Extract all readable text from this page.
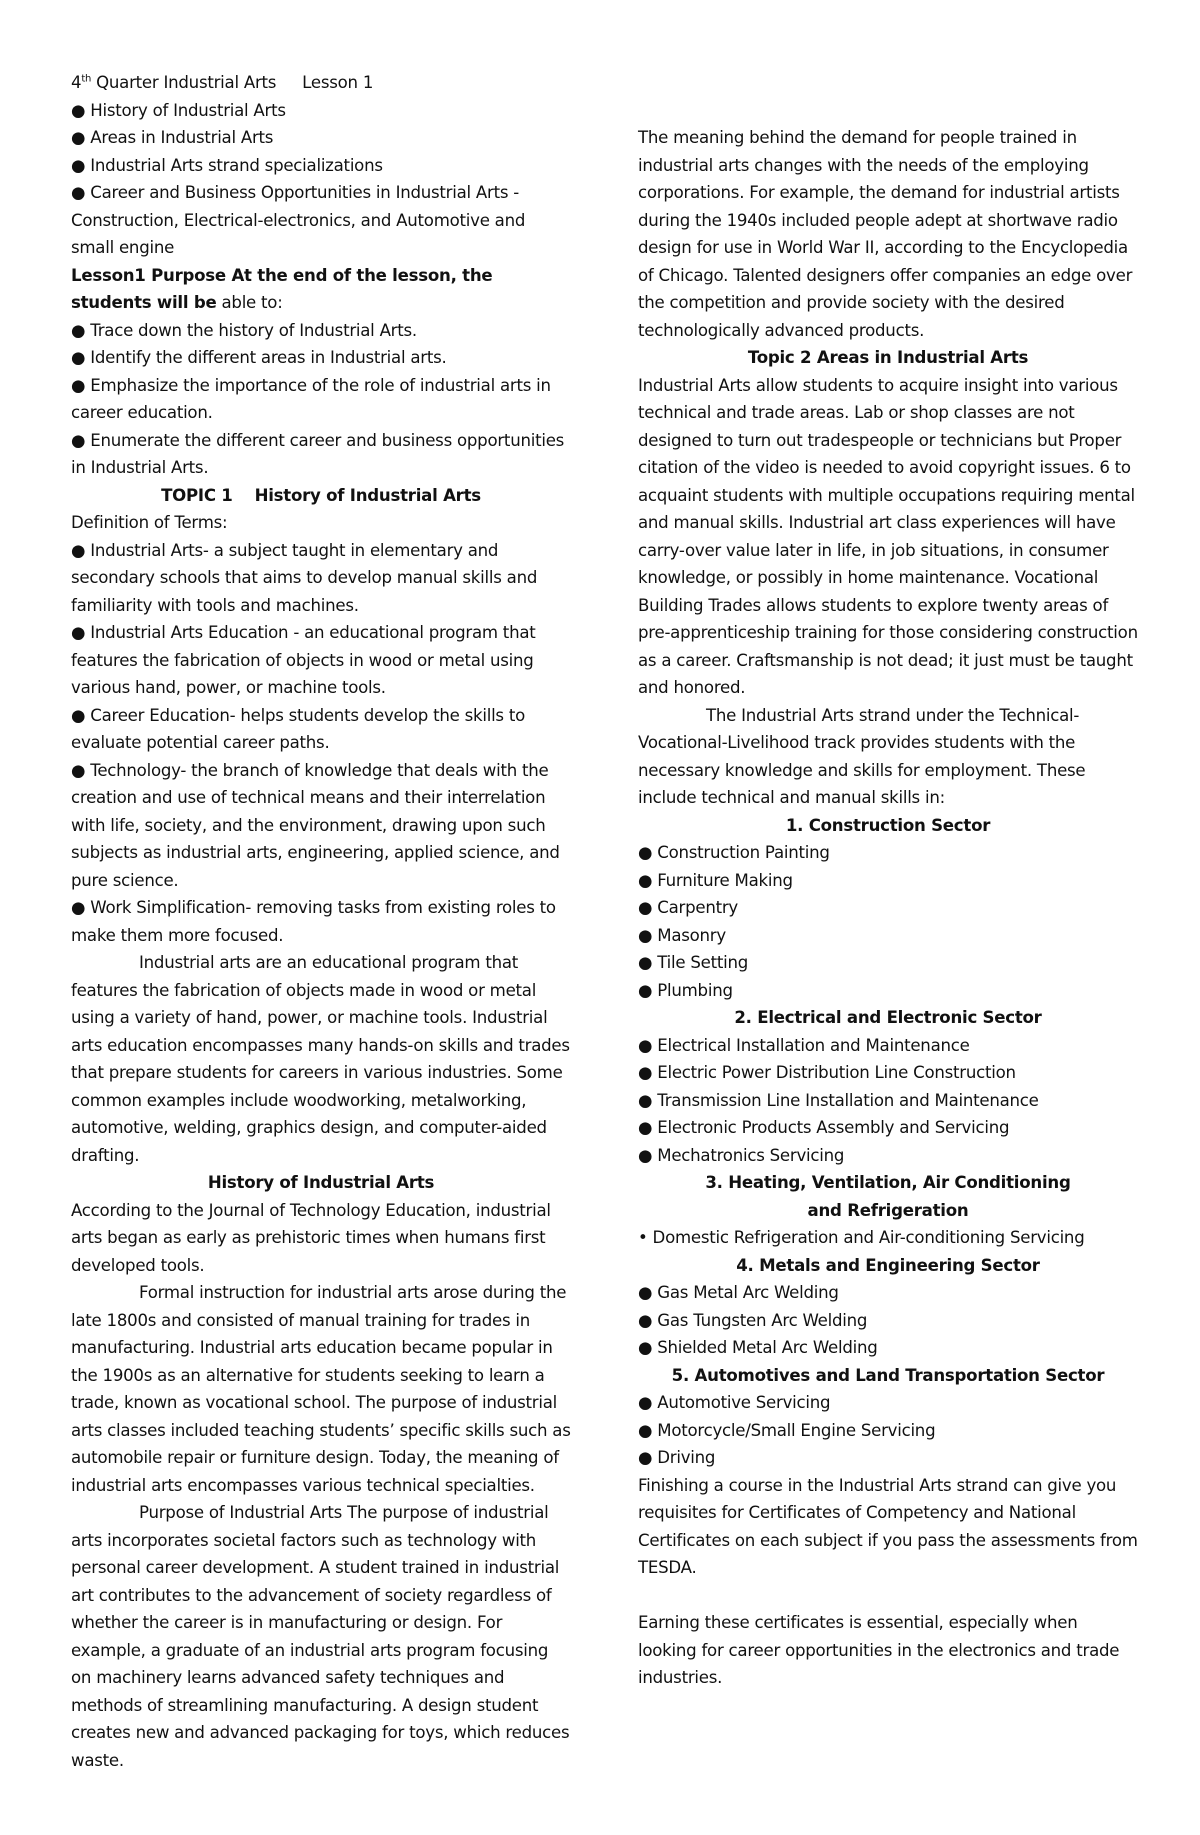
4th Quarter Industrial Arts Lesson 1

● History of Industrial Arts

● Areas in Industrial Arts

● Industrial Arts strand specializations

● Career and Business Opportunities in Industrial Arts - Construction, Electrical-electronics, and Automotive and small engine

Lesson1 Purpose At the end of the lesson, the students will be able to:

● Trace down the history of Industrial Arts.

● Identify the different areas in Industrial arts.

● Emphasize the importance of the role of industrial arts in career education.

● Enumerate the different career and business opportunities in Industrial Arts.

TOPIC 1 History of Industrial Arts

Definition of Terms:

● Industrial Arts- a subject taught in elementary and secondary schools that aims to develop manual skills and familiarity with tools and machines.

● Industrial Arts Education - an educational program that features the fabrication of objects in wood or metal using various hand, power, or machine tools.

● Career Education- helps students develop the skills to evaluate potential career paths.

● Technology- the branch of knowledge that deals with the creation and use of technical means and their interrelation with life, society, and the environment, drawing upon such subjects as industrial arts, engineering, applied science, and pure science.

● Work Simplification- removing tasks from existing roles to make them more focused.

Industrial arts are an educational program that features the fabrication of objects made in wood or metal using a variety of hand, power, or machine tools. Industrial arts education encompasses many hands-on skills and trades that prepare students for careers in various industries. Some common examples include woodworking, metalworking, automotive, welding, graphics design, and computer-aided drafting.

History of Industrial Arts

According to the Journal of Technology Education, industrial arts began as early as prehistoric times when humans first developed tools.

Formal instruction for industrial arts arose during the late 1800s and consisted of manual training for trades in manufacturing. Industrial arts education became popular in the 1900s as an alternative for students seeking to learn a trade, known as vocational school. The purpose of industrial arts classes included teaching students’ specific skills such as automobile repair or furniture design. Today, the meaning of industrial arts encompasses various technical specialties.

Purpose of Industrial Arts The purpose of industrial arts incorporates societal factors such as technology with personal career development. A student trained in industrial art contributes to the advancement of society regardless of whether the career is in manufacturing or design. For example, a graduate of an industrial arts program focusing on machinery learns advanced safety techniques and methods of streamlining manufacturing. A design student creates new and advanced packaging for toys, which reduces waste.

The meaning behind the demand for people trained in industrial arts changes with the needs of the employing corporations. For example, the demand for industrial artists during the 1940s included people adept at shortwave radio design for use in World War II, according to the Encyclopedia of Chicago. Talented designers offer companies an edge over the competition and provide society with the desired technologically advanced products.

Topic 2 Areas in Industrial Arts

Industrial Arts allow students to acquire insight into various technical and trade areas. Lab or shop classes are not designed to turn out tradespeople or technicians but Proper citation of the video is needed to avoid copyright issues. 6 to acquaint students with multiple occupations requiring mental and manual skills. Industrial art class experiences will have carry-over value later in life, in job situations, in consumer knowledge, or possibly in home maintenance. Vocational Building Trades allows students to explore twenty areas of pre-apprenticeship training for those considering construction as a career. Craftsmanship is not dead; it just must be taught and honored.

The Industrial Arts strand under the Technical-Vocational-Livelihood track provides students with the necessary knowledge and skills for employment. These include technical and manual skills in:

1. Construction Sector

● Construction Painting

● Furniture Making

● Carpentry

● Masonry

● Tile Setting

● Plumbing

2. Electrical and Electronic Sector

● Electrical Installation and Maintenance

● Electric Power Distribution Line Construction

● Transmission Line Installation and Maintenance

● Electronic Products Assembly and Servicing

● Mechatronics Servicing

3. Heating, Ventilation, Air Conditioning

and Refrigeration

• Domestic Refrigeration and Air-conditioning Servicing

4. Metals and Engineering Sector

● Gas Metal Arc Welding

● Gas Tungsten Arc Welding

● Shielded Metal Arc Welding

5. Automotives and Land Transportation Sector

● Automotive Servicing

● Motorcycle/Small Engine Servicing

● Driving

Finishing a course in the Industrial Arts strand can give you requisites for Certificates of Competency and National Certificates on each subject if you pass the assessments from TESDA.

Earning these certificates is essential, especially when looking for career opportunities in the electronics and trade industries.
